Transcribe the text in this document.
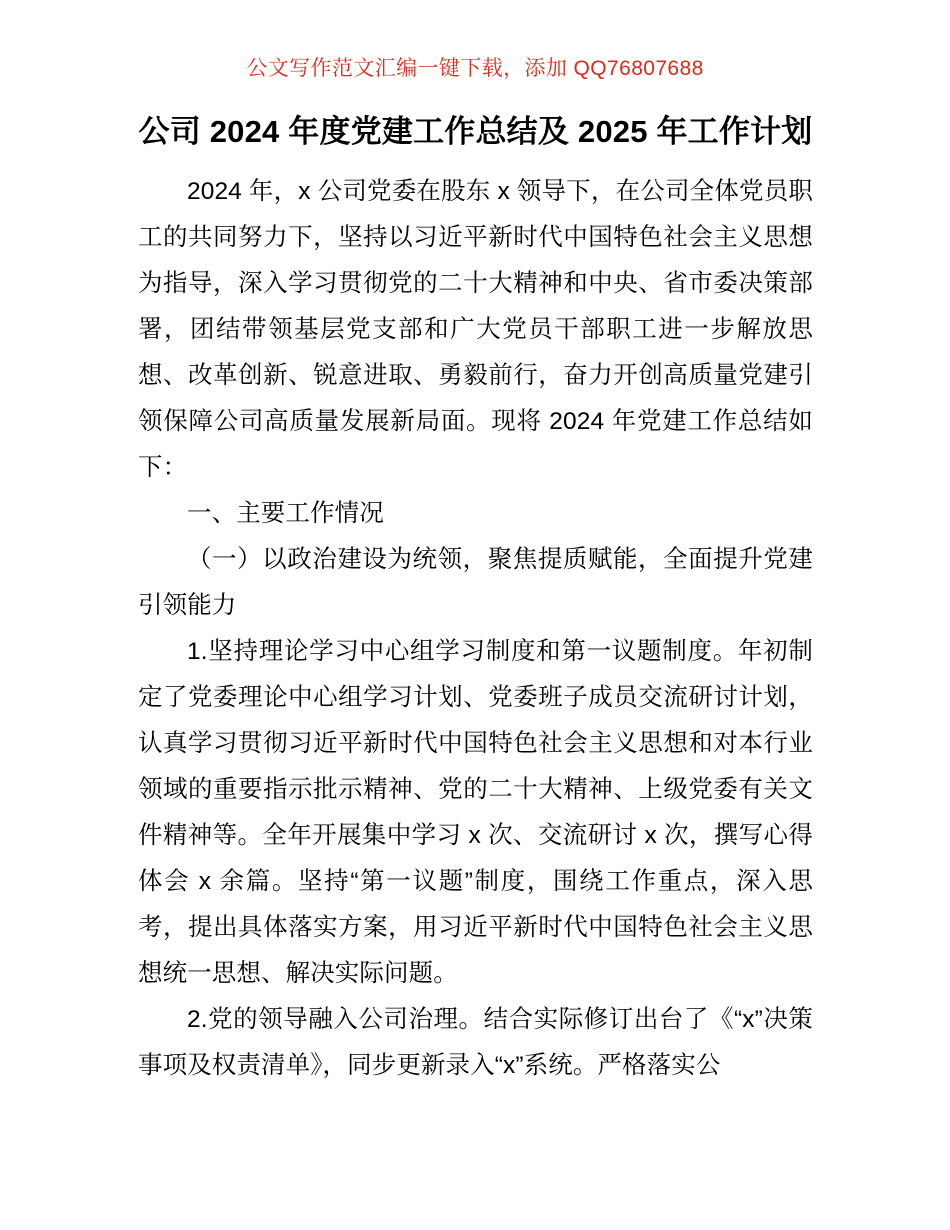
公文写作范文汇编一键下载，添加 QQ76807688
公司 2024 年度党建工作总结及 2025 年工作计划

2024 年，x 公司党委在股东 x 领导下，在公司全体党员职工的共同努力下，坚持以习近平新时代中国特色社会主义思想为指导，深入学习贯彻党的二十大精神和中央、省市委决策部署，团结带领基层党支部和广大党员干部职工进一步解放思想、改革创新、锐意进取、勇毅前行，奋力开创高质量党建引领保障公司高质量发展新局面。现将 2024 年党建工作总结如下：

一、主要工作情况

（一）以政治建设为统领，聚焦提质赋能，全面提升党建引领能力

1.坚持理论学习中心组学习制度和第一议题制度。年初制定了党委理论中心组学习计划、党委班子成员交流研讨计划，认真学习贯彻习近平新时代中国特色社会主义思想和对本行业领域的重要指示批示精神、党的二十大精神、上级党委有关文件精神等。全年开展集中学习 x 次、交流研讨 x 次，撰写心得体会 x 余篇。坚持“第一议题”制度，围绕工作重点，深入思考，提出具体落实方案，用习近平新时代中国特色社会主义思想统一思想、解决实际问题。

2.党的领导融入公司治理。结合实际修订出台了《“x”决策事项及权责清单》，同步更新录入“x”系统。严格落实公
